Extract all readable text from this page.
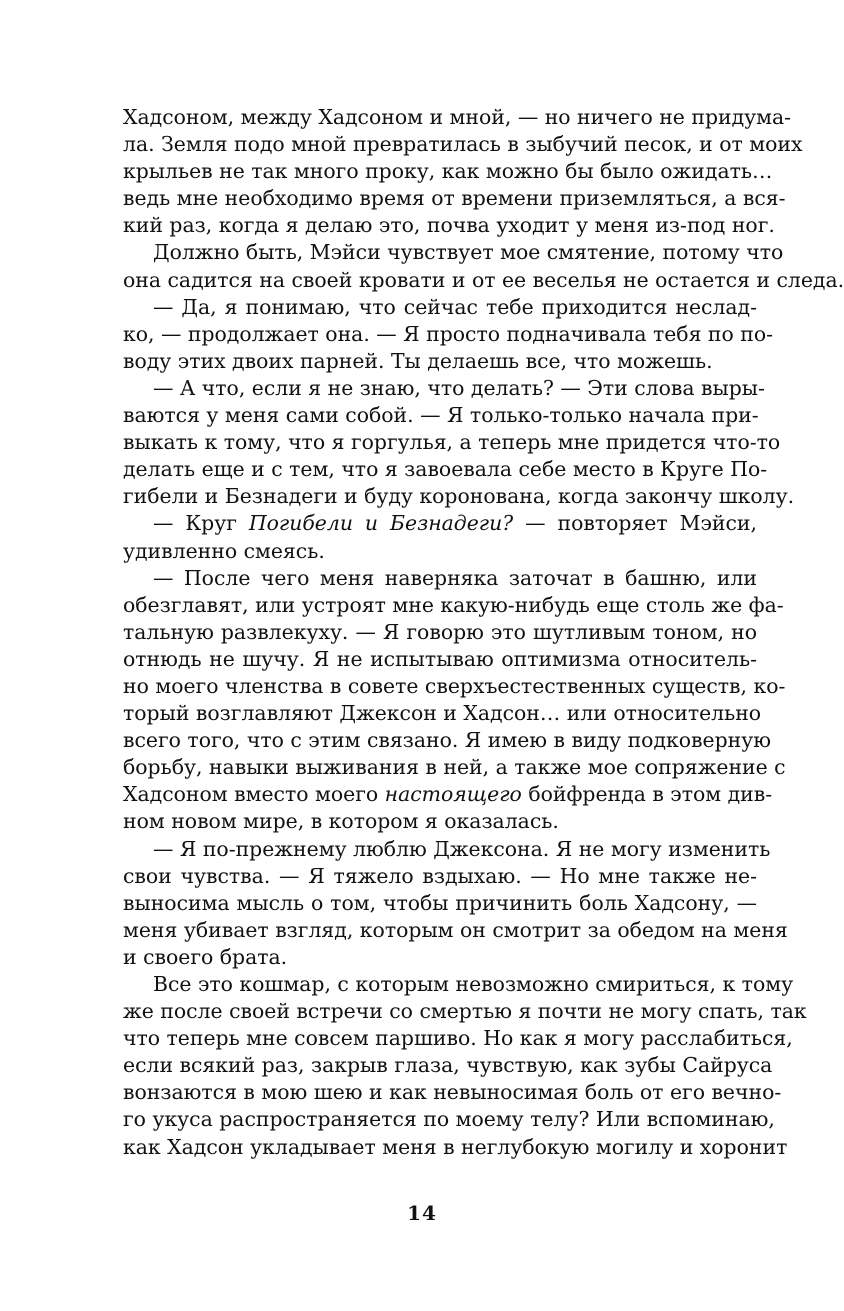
Хадсоном, между Хадсоном и мной, — но ничего не придума-
ла. Земля подо мной превратилась в зыбучий песок, и от моих
крыльев не так много проку, как можно бы было ожидать…
ведь мне необходимо время от времени приземляться, а вся-
кий раз, когда я делаю это, почва уходит у меня из-под ног.
Должно быть, Мэйси чувствует мое смятение, потому что
она садится на своей кровати и от ее веселья не остается и следа.
— Да, я понимаю, что сейчас тебе приходится неслад-
ко, — продолжает она. — Я просто подначивала тебя по по-
воду этих двоих парней. Ты делаешь все, что можешь.
— А что, если я не знаю, что делать? — Эти слова выры-
ваются у меня сами собой. — Я только-только начала при-
выкать к тому, что я горгулья, а теперь мне придется что-то
делать еще и с тем, что я завоевала себе место в Круге По-
гибели и Безнадеги и буду коронована, когда закончу школу.
— Круг Погибели и Безнадеги? — повторяет Мэйси,
удивленно смеясь.
— После чего меня наверняка заточат в башню, или
обезглавят, или устроят мне какую-нибудь еще столь же фа-
тальную развлекуху. — Я говорю это шутливым тоном, но
отнюдь не шучу. Я не испытываю оптимизма относитель-
но моего членства в совете сверхъестественных существ, ко-
торый возглавляют Джексон и Хадсон… или относительно
всего того, что с этим связано. Я имею в виду подковерную
борьбу, навыки выживания в ней, а также мое сопряжение с
Хадсоном вместо моего настоящего бойфренда в этом див-
ном новом мире, в котором я оказалась.
— Я по-прежнему люблю Джексона. Я не могу изменить
свои чувства. — Я тяжело вздыхаю. — Но мне также не-
выносима мысль о том, чтобы причинить боль Хадсону, —
меня убивает взгляд, которым он смотрит за обедом на меня
и своего брата.
Все это кошмар, с которым невозможно смириться, к тому
же после своей встречи со смертью я почти не могу спать, так
что теперь мне совсем паршиво. Но как я могу расслабиться,
если всякий раз, закрыв глаза, чувствую, как зубы Сайруса
вонзаются в мою шею и как невыносимая боль от его вечно-
го укуса распространяется по моему телу? Или вспоминаю,
как Хадсон укладывает меня в неглубокую могилу и хоронит
14
